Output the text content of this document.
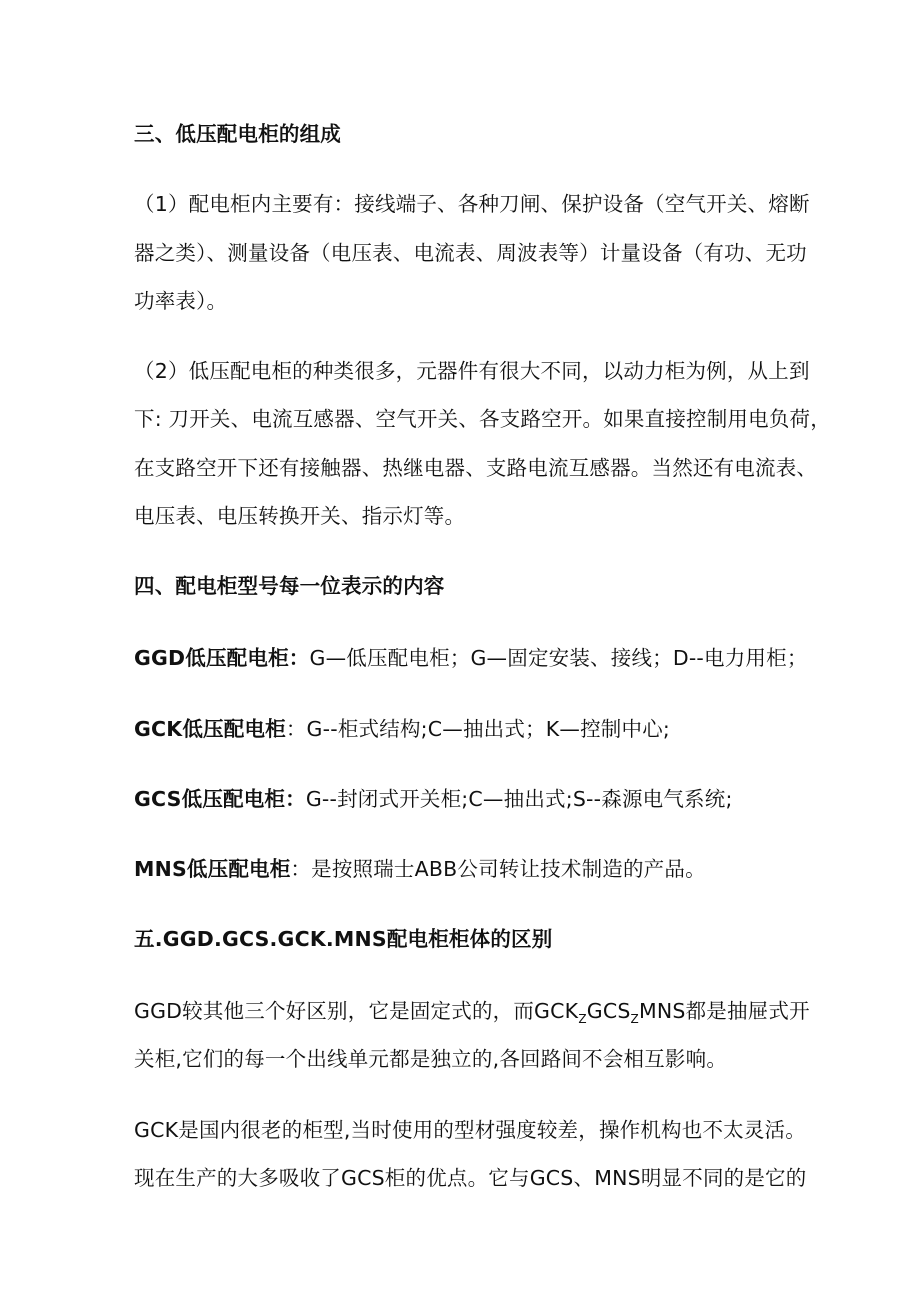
三、低压配电柜的组成
（1）配电柜内主要有：接线端子、各种刀闸、保护设备（空气开关、熔断
器之类）、测量设备（电压表、电流表、周波表等）计量设备（有功、无功
功率表）。
（2）低压配电柜的种类很多，元器件有很大不同，以动力柜为例，从上到
下: 刀开关、电流互感器、空气开关、各支路空开。如果直接控制用电负荷，
在支路空开下还有接触器、热继电器、支路电流互感器。当然还有电流表、
电压表、电压转换开关、指示灯等。
四、配电柜型号每一位表示的内容
GGD低压配电柜：G—低压配电柜；G—固定安装、接线；D--电力用柜；
GCK低压配电柜：G--柜式结构;C—抽出式；K—控制中心;
GCS低压配电柜：G--封闭式开关柜;C—抽出式;S--森源电气系统;
MNS低压配电柜：是按照瑞士ABB公司转让技术制造的产品。
五.GGD.GCS.GCK.MNS配电柜柜体的区别
GGD较其他三个好区别，它是固定式的，而$GCK_ZGCS_ZMNS$都是抽屉式开
关柜,它们的每一个出线单元都是独立的,各回路间不会相互影响。
GCK是国内很老的柜型,当时使用的型材强度较差，操作机构也不太灵活。
现在生产的大多吸收了GCS柜的优点。它与GCS、MNS明显不同的是它的
